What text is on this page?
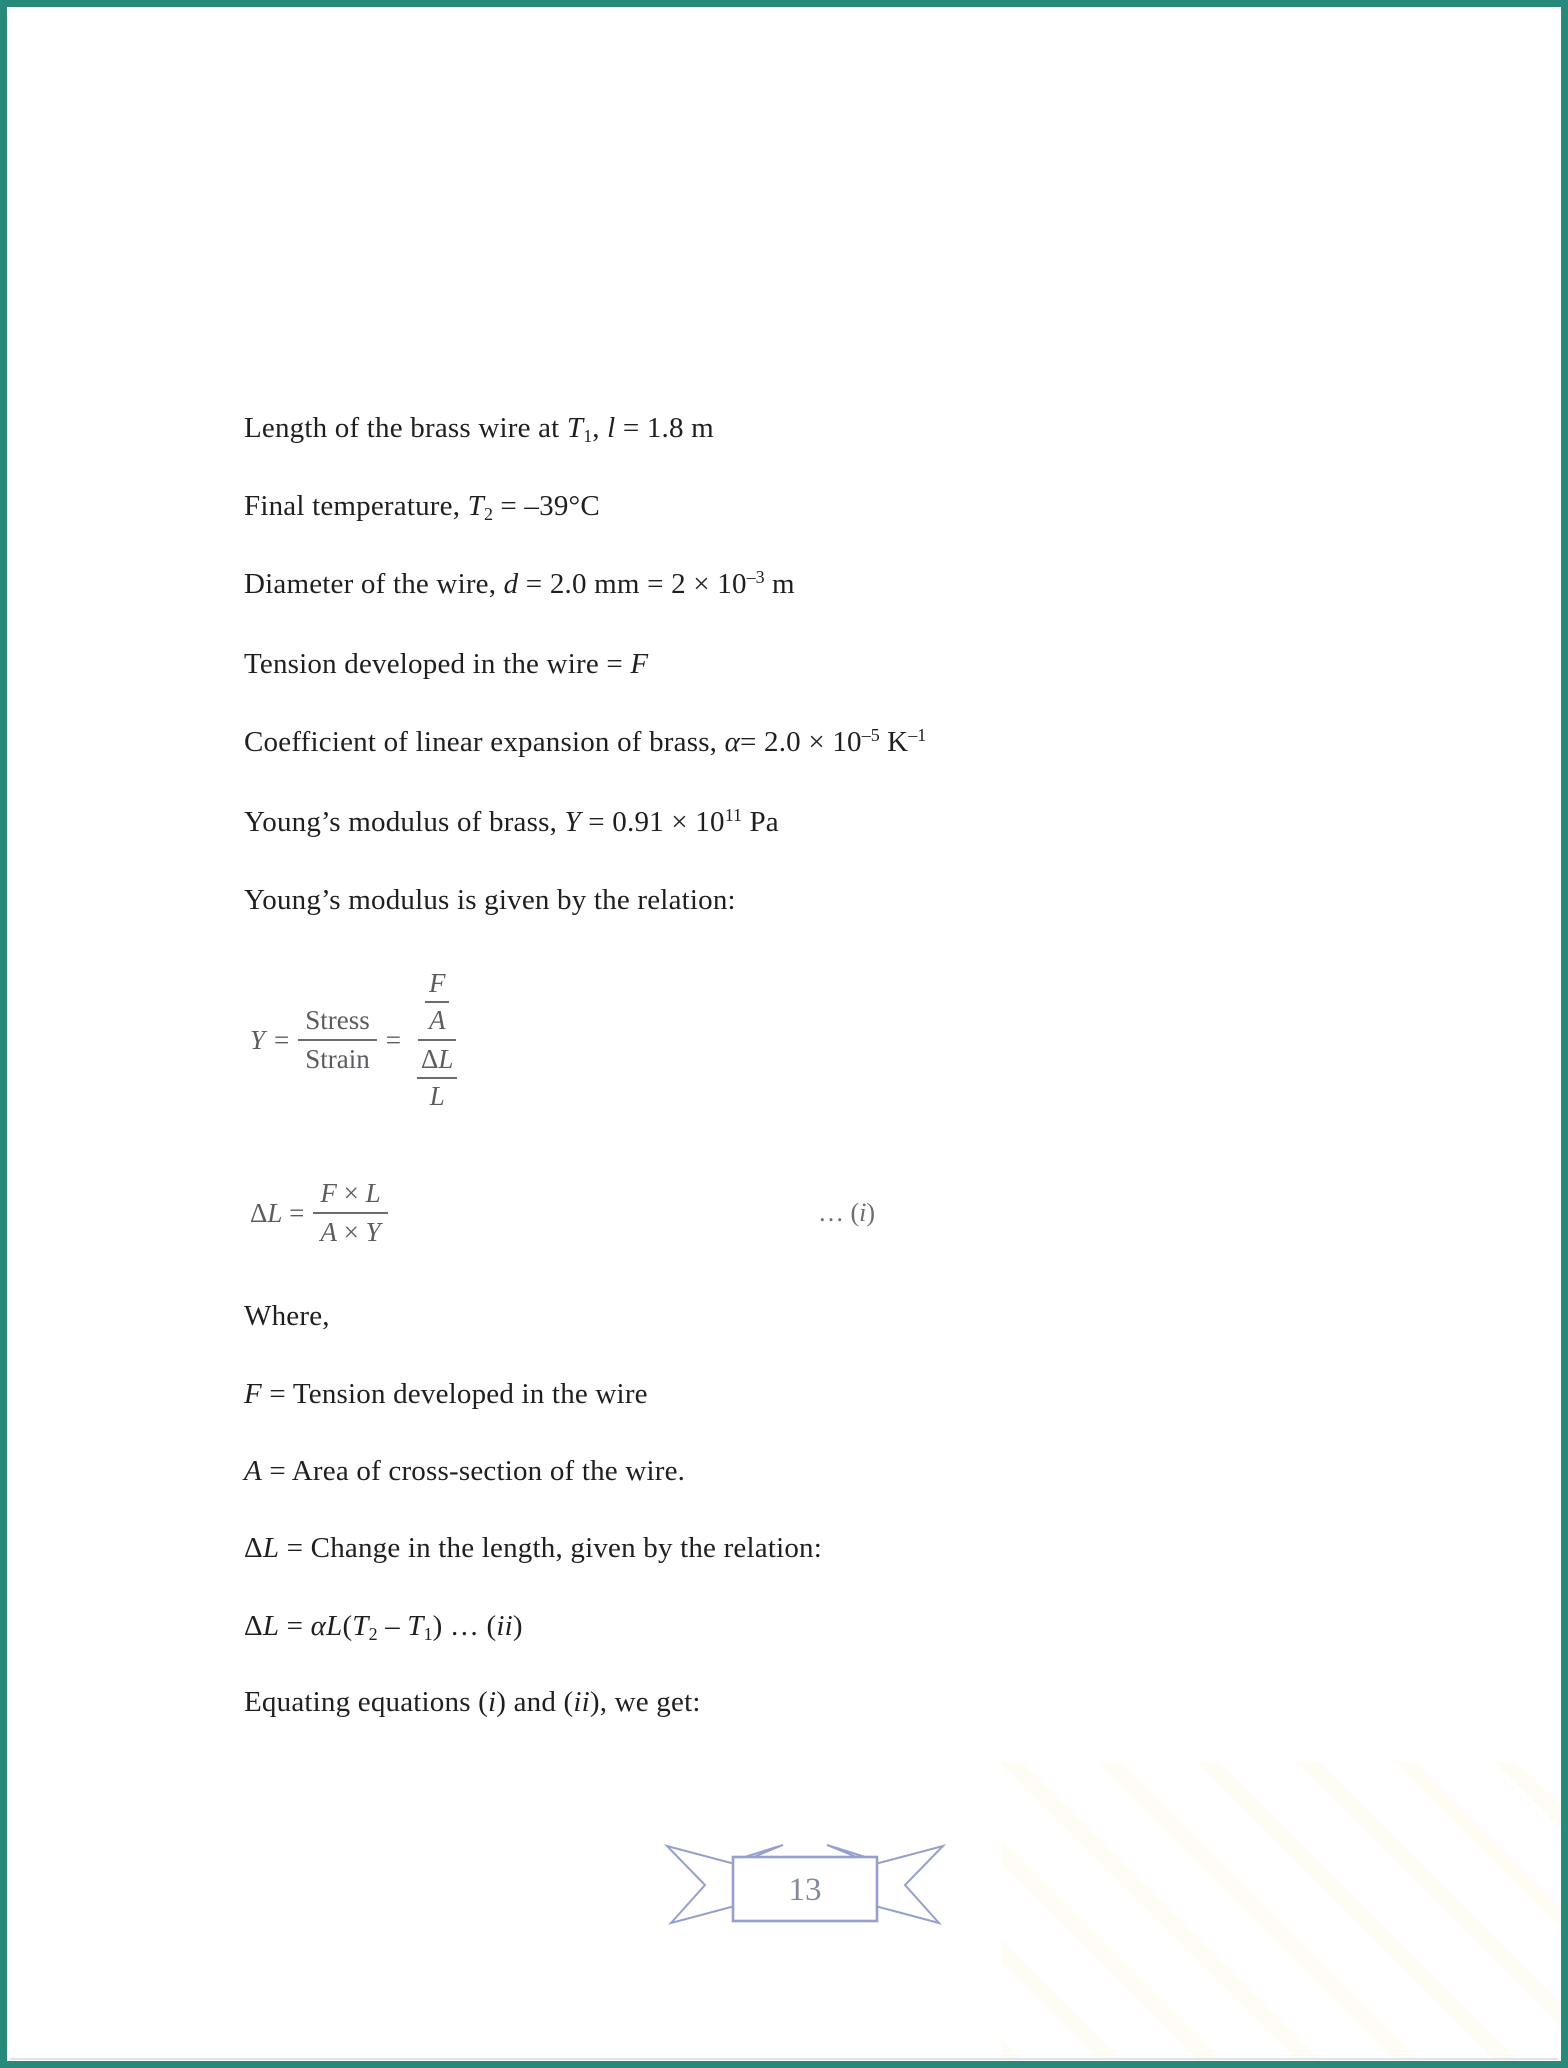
Length of the brass wire at $T_1$, l = 1.8 m
Final temperature, $T_2 = -39^\circ C$
Diameter of the wire, d = 2.0 mm = $2 \times 10^{-3}$ m
Tension developed in the wire = F
Coefficient of linear expansion of brass, $\alpha= 2.0 \times 10^{-5}$ $K^{-1}$
Young’s modulus of brass, $Y = 0.91 \times 10^{11}$ Pa
Young’s modulus is given by the relation:
$Y = \frac{\text{Stress}}{\text{Strain}} = \frac{\frac{F}{A}}{\frac{\Delta L}{L}}$
$\Delta L = \frac{F \times L}{A \times Y}$	… (i)
Where,
F = Tension developed in the wire
A = Area of cross-section of the wire.
ΔL = Change in the length, given by the relation:
$\Delta L = \alpha L(T_2 - T_1)$ … (ii)
Equating equations (i) and (ii), we get:
13
